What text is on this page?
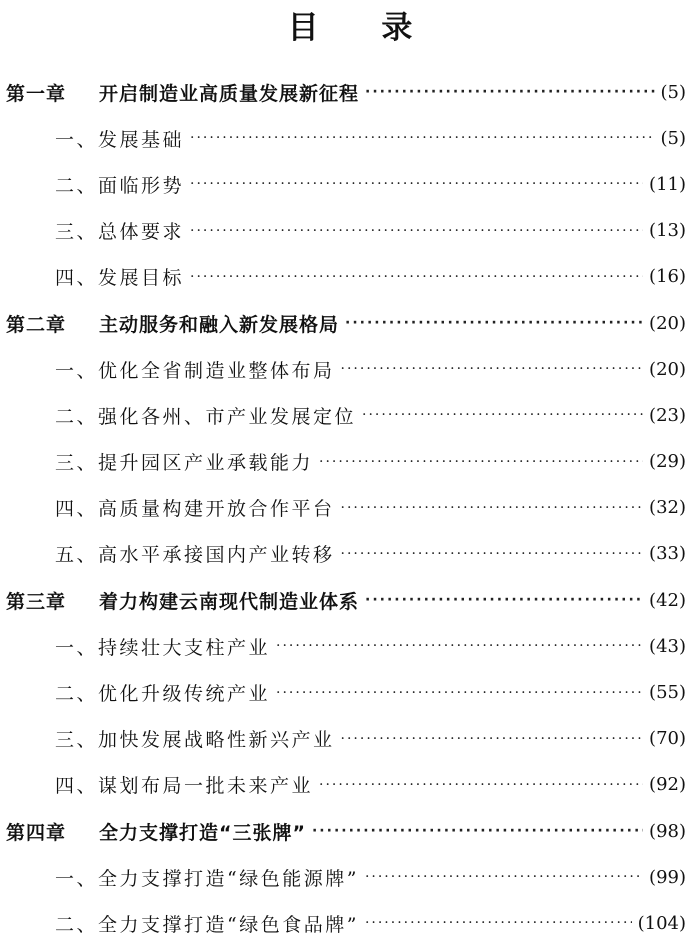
目 录
第一章 开启制造业高质量发展新征程 ·····	(5)
一、发展基础 ·····	(5)
二、面临形势 ·····	(11)
三、总体要求 ·····	(13)
四、发展目标 ·····	(16)
第二章 主动服务和融入新发展格局 ·····	(20)
一、优化全省制造业整体布局 ·····	(20)
二、强化各州、市产业发展定位 ·····	(23)
三、提升园区产业承载能力 ·····	(29)
四、高质量构建开放合作平台 ·····	(32)
五、高水平承接国内产业转移 ·····	(33)
第三章 着力构建云南现代制造业体系 ·····	(42)
一、持续壮大支柱产业 ·····	(43)
二、优化升级传统产业 ·····	(55)
三、加快发展战略性新兴产业 ·····	(70)
四、谋划布局一批未来产业 ·····	(92)
第四章 全力支撑打造“三张牌” ·····	(98)
一、全力支撑打造“绿色能源牌” ·····	(99)
二、全力支撑打造“绿色食品牌” ·····	(104)
